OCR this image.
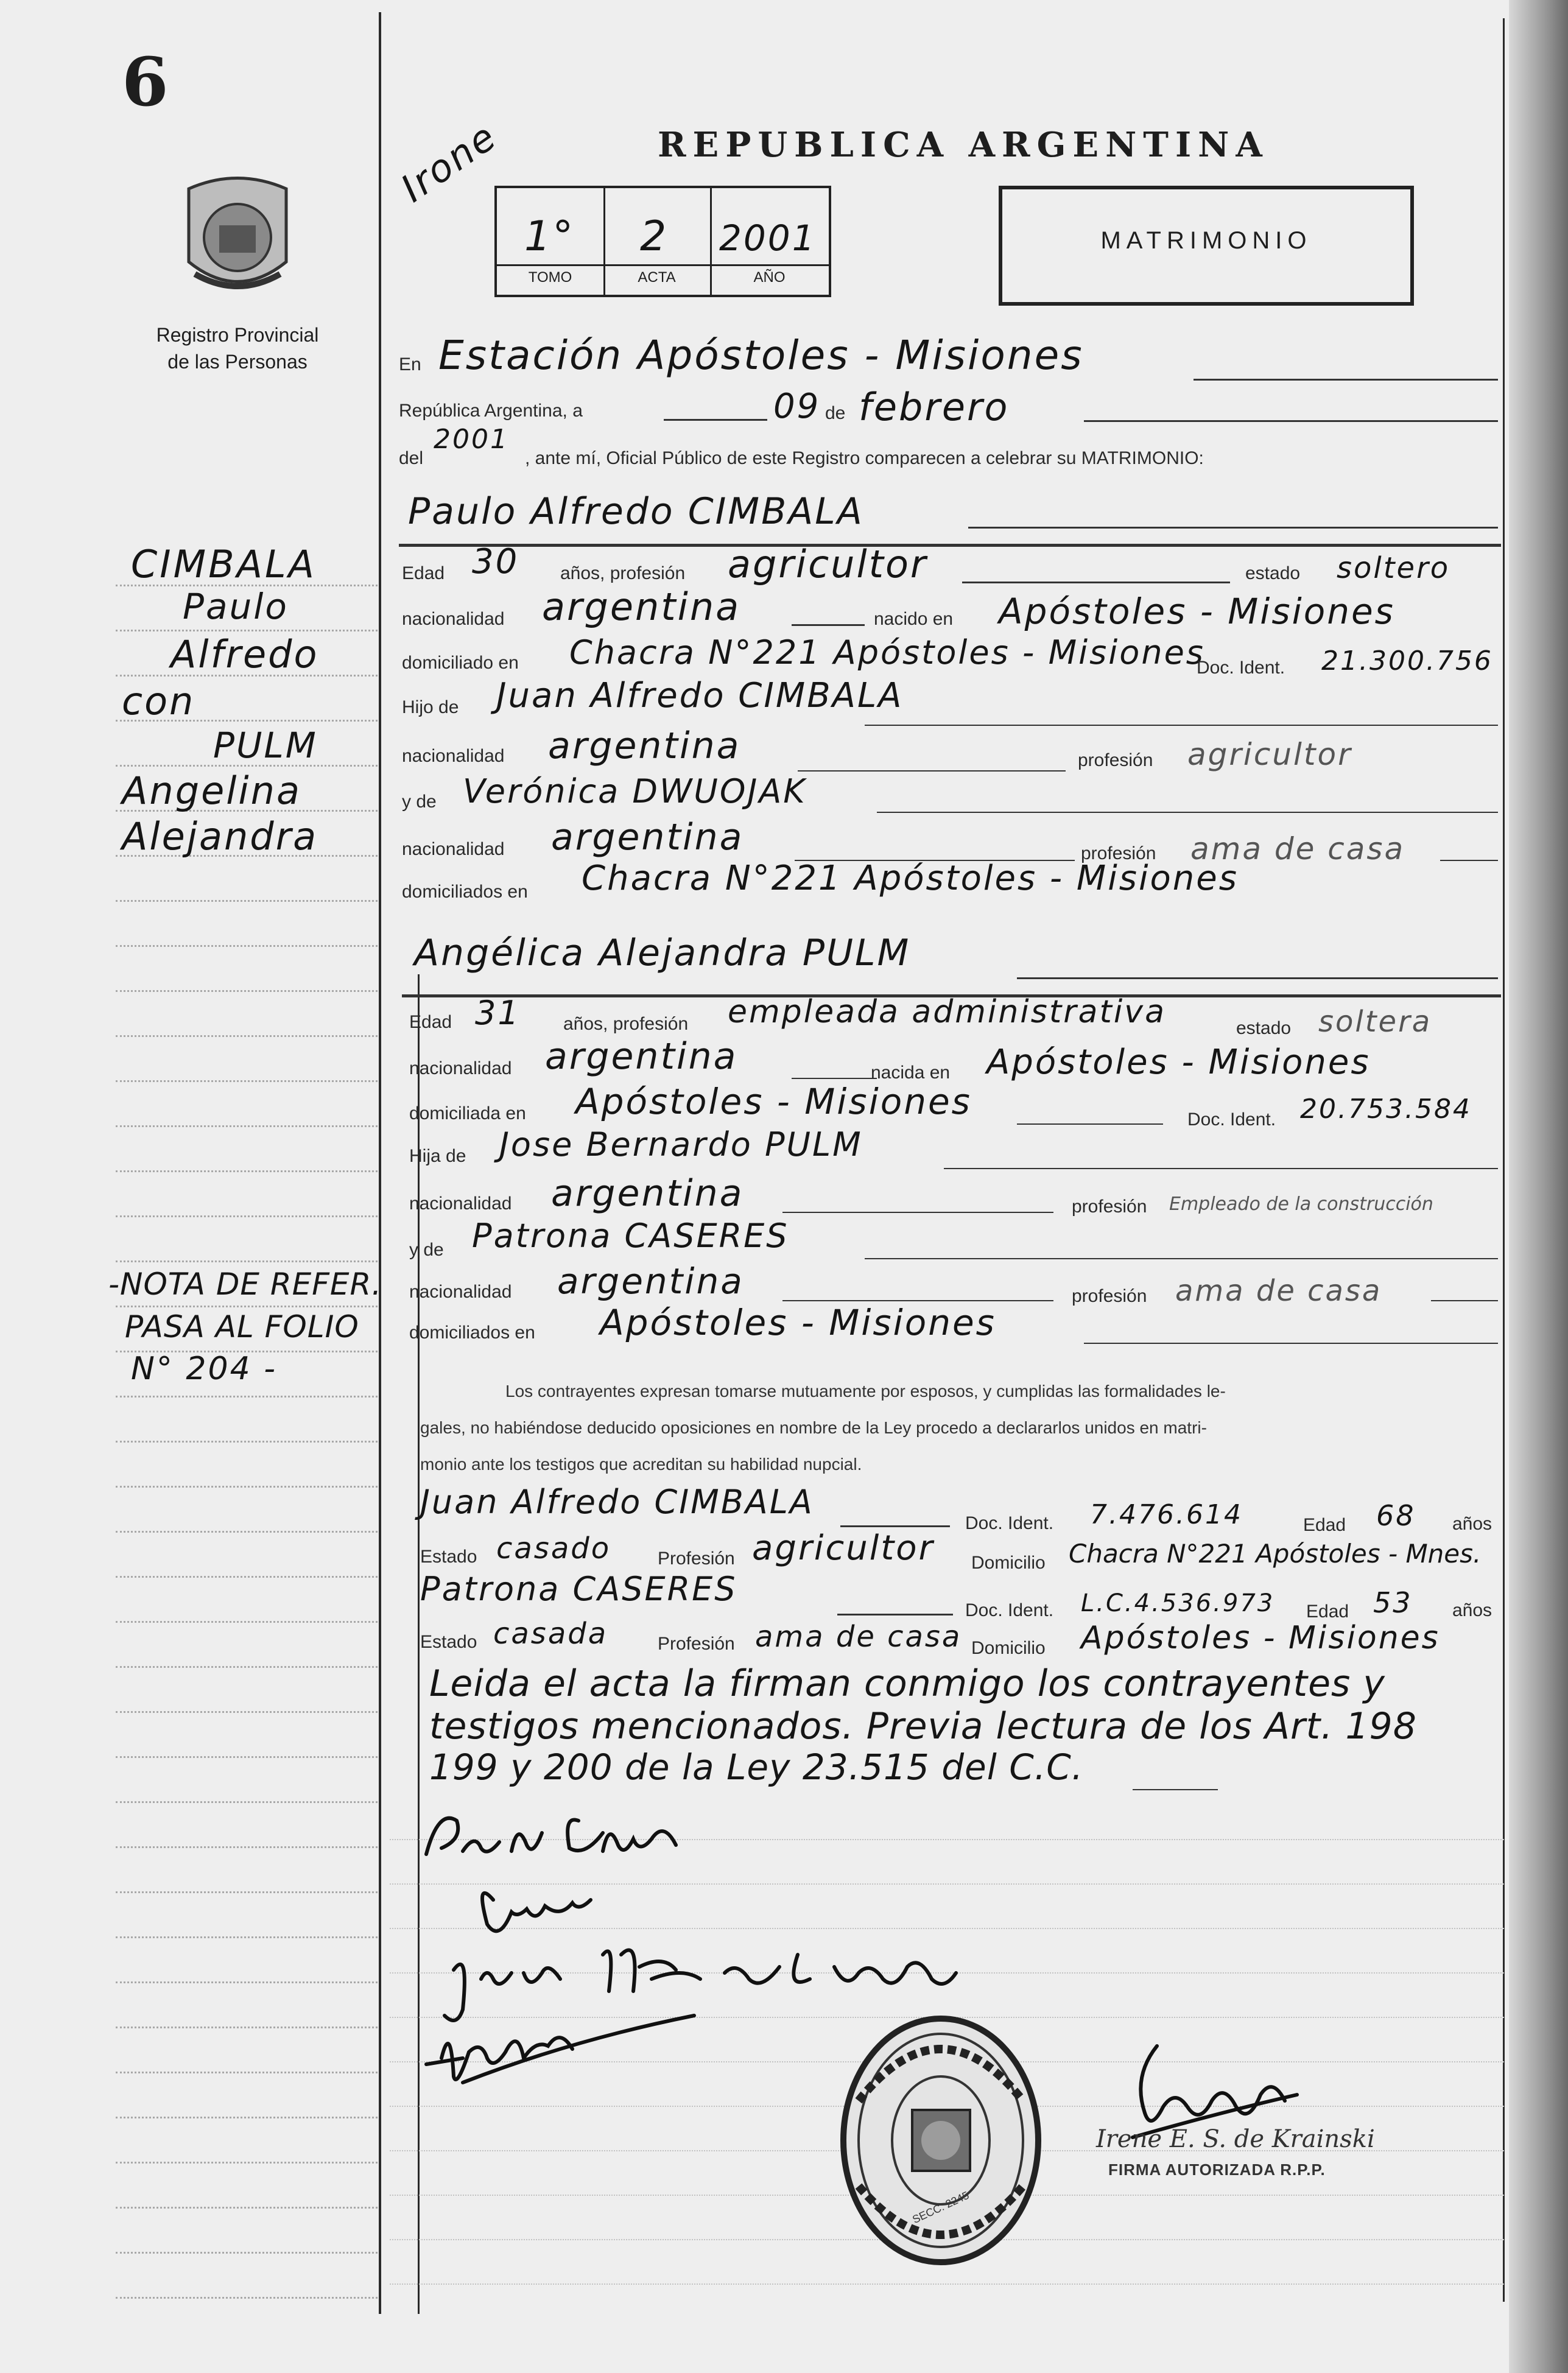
6
Registro Provincial
de las Personas
Irone	REPUBLICA ARGENTINA
1° 2 2001
TOMO	ACTA	AÑO
MATRIMONIO
En Estación Apóstoles - Misiones
República Argentina, a	09 de febrero
del
2001
, ante mí, Oficial Público de este Registro comparecen a celebrar su MATRIMONIO:
Paulo Alfredo CIMBALA
Edad 30 años, profesión agricultor	estado soltero
nacionalidad argentina	nacido en Apóstoles - Misiones
domiciliado en Chacra N°221 Apóstoles - Misiones
Doc. Ident. 21.300.756
Hijo de Juan Alfredo CIMBALA
nacionalidad argentina	profesión agricultor
y de Verónica DWUOJAK
nacionalidad argentina	profesión ama de casa
domiciliados en Chacra N°221 Apóstoles - Misiones
Angélica Alejandra PULM
Edad 31 años, profesión empleada administrativa	estado soltera
nacionalidad argentina	nacida en Apóstoles - Misiones
domiciliada en Apóstoles - Misiones	Doc. Ident. 20.753.584
Hija de Jose Bernardo PULM
nacionalidad argentina	profesión Empleado de la construcción
y de Patrona CASERES
nacionalidad argentina	profesión ama de casa
domiciliados en Apóstoles - Misiones
Los contrayentes expresan tomarse mutuamente por esposos, y cumplidas las formalidades le-
gales, no habiéndose deducido oposiciones en nombre de la Ley procedo a declararlos unidos en matri-
monio ante los testigos que acreditan su habilidad nupcial.
Juan Alfredo CIMBALA
Doc. Ident. 7.476.614	Edad 68 años
Estado casado	Profesión agricultor Domicilio Chacra N°221 Apóstoles - Mnes.
Patrona CASERES
Doc. Ident. L.C.4.536.973 Edad 53 años
Estado casada	Profesión ama de casa Domicilio Apóstoles - Misiones
Leida el acta la firman conmigo los contrayentes y
testigos mencionados. Previa lectura de los Art. 198
199 y 200 de la Ley 23.515 del C.C.
SECC. 2245
Irene E. S. de Krainski
FIRMA AUTORIZADA R.P.P.
CIMBALA
Paulo
Alfredo
con
PULM
Angelina
Alejandra
-NOTA DE REFER.
PASA AL FOLIO
N° 204 -
